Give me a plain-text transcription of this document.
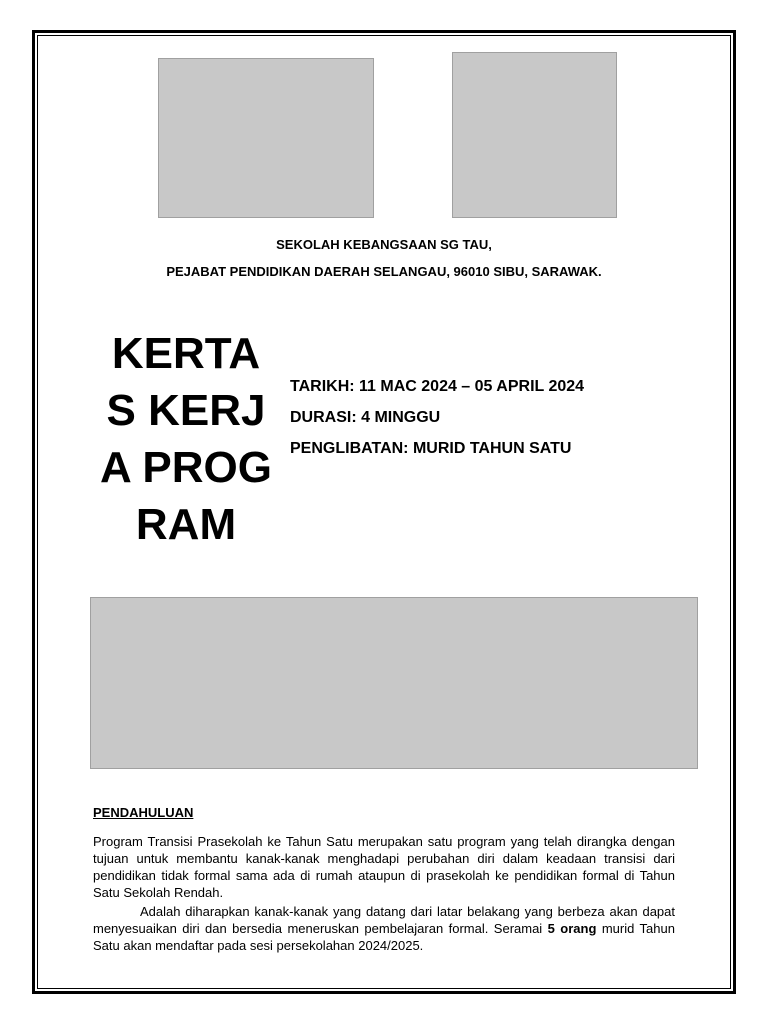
SEKOLAH KEBANGSAAN SG TAU,
PEJABAT PENDIDIKAN DAERAH SELANGAU, 96010 SIBU, SARAWAK.
KERTAS KERJA PROGRAM
TARIKH: 11 MAC 2024 – 05 APRIL 2024
DURASI: 4 MINGGU
PENGLIBATAN: MURID TAHUN SATU
PENDAHULUAN
Program Transisi Prasekolah ke Tahun Satu merupakan satu program yang telah dirangka dengan tujuan untuk membantu kanak-kanak menghadapi perubahan diri dalam keadaan transisi dari pendidikan tidak formal sama ada di rumah ataupun di prasekolah ke pendidikan formal di Tahun Satu Sekolah Rendah.
Adalah diharapkan kanak-kanak yang datang dari latar belakang yang berbeza akan dapat menyesuaikan diri dan bersedia meneruskan pembelajaran formal. Seramai 5 orang murid Tahun Satu akan mendaftar pada sesi persekolahan 2024/2025.
